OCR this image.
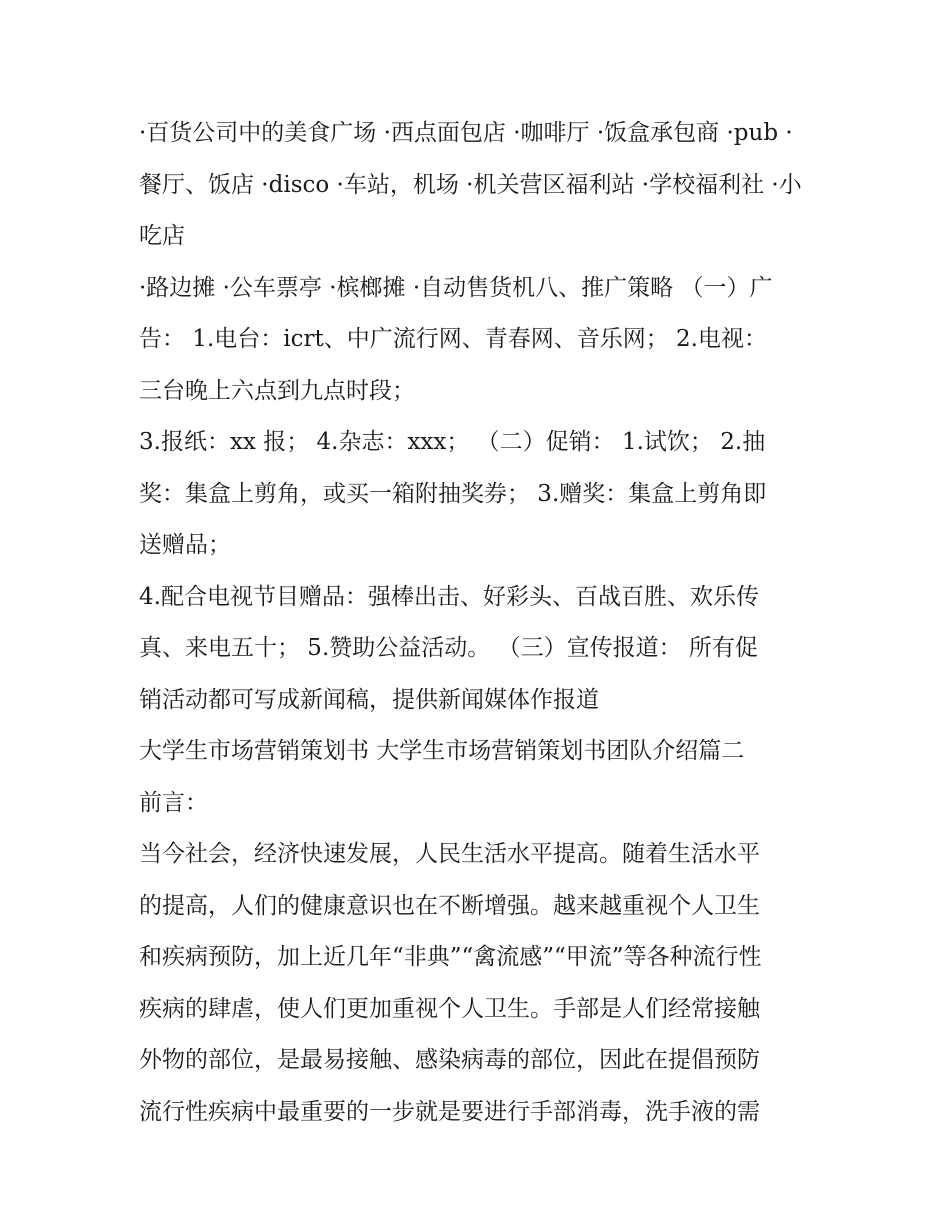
·百货公司中的美食广场 ·西点面包店 ·咖啡厅 ·饭盒承包商 ·pub ·
餐厅、饭店 ·disco ·车站，机场 ·机关营区福利站 ·学校福利社 ·小
吃店
·路边摊 ·公车票亭 ·槟榔摊 ·自动售货机八、推广策略 （一）广
告： 1.电台：icrt、中广流行网、青春网、音乐网； 2.电视：
三台晚上六点到九点时段；
3.报纸：xx 报； 4.杂志：xxx； （二）促销： 1.试饮； 2.抽
奖：集盒上剪角，或买一箱附抽奖券； 3.赠奖：集盒上剪角即
送赠品；
4.配合电视节目赠品：强棒出击、好彩头、百战百胜、欢乐传
真、来电五十； 5.赞助公益活动。 （三）宣传报道： 所有促
销活动都可写成新闻稿，提供新闻媒体作报道
大学生市场营销策划书 大学生市场营销策划书团队介绍篇二
前言：
当今社会，经济快速发展，人民生活水平提高。随着生活水平
的提高，人们的健康意识也在不断增强。越来越重视个人卫生
和疾病预防，加上近几年“非典”“禽流感”“甲流”等各种流行性
疾病的肆虐，使人们更加重视个人卫生。手部是人们经常接触
外物的部位，是最易接触、感染病毒的部位，因此在提倡预防
流行性疾病中最重要的一步就是要进行手部消毒，洗手液的需
